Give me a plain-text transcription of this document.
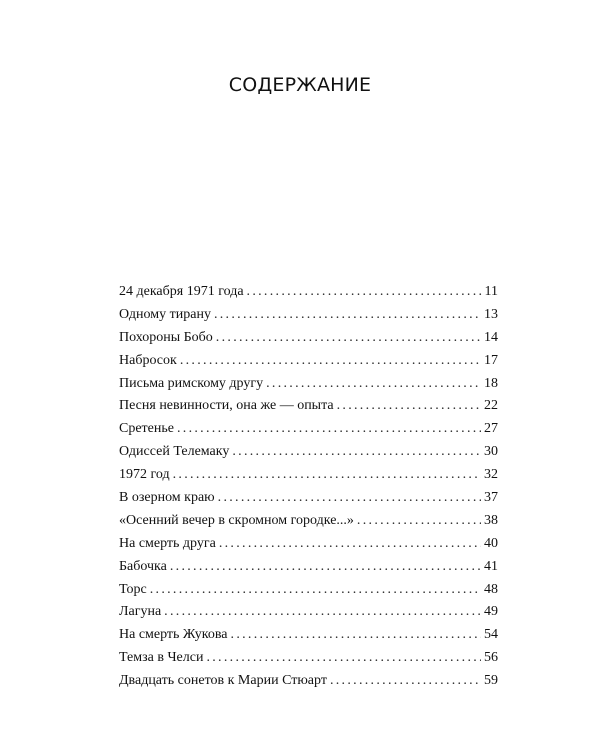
СОДЕРЖАНИЕ
24 декабря 1971 года . . .	11
Одному тирану . . .	13
Похороны Бобо . . .	14
Набросок . . .	17
Письма римскому другу . . .	18
Песня невинности, она же — опыта . . .	22
Сретенье . . .	27
Одиссей Телемаку . . .	30
1972 год . . .	32
В озерном краю . . .	37
«Осенний вечер в скромном городке...» . . .	38
На смерть друга . . .	40
Бабочка . . .	41
Торс . . .	48
Лагуна . . .	49
На смерть Жукова . . .	54
Темза в Челси . . .	56
Двадцать сонетов к Марии Стюарт . . .	59
